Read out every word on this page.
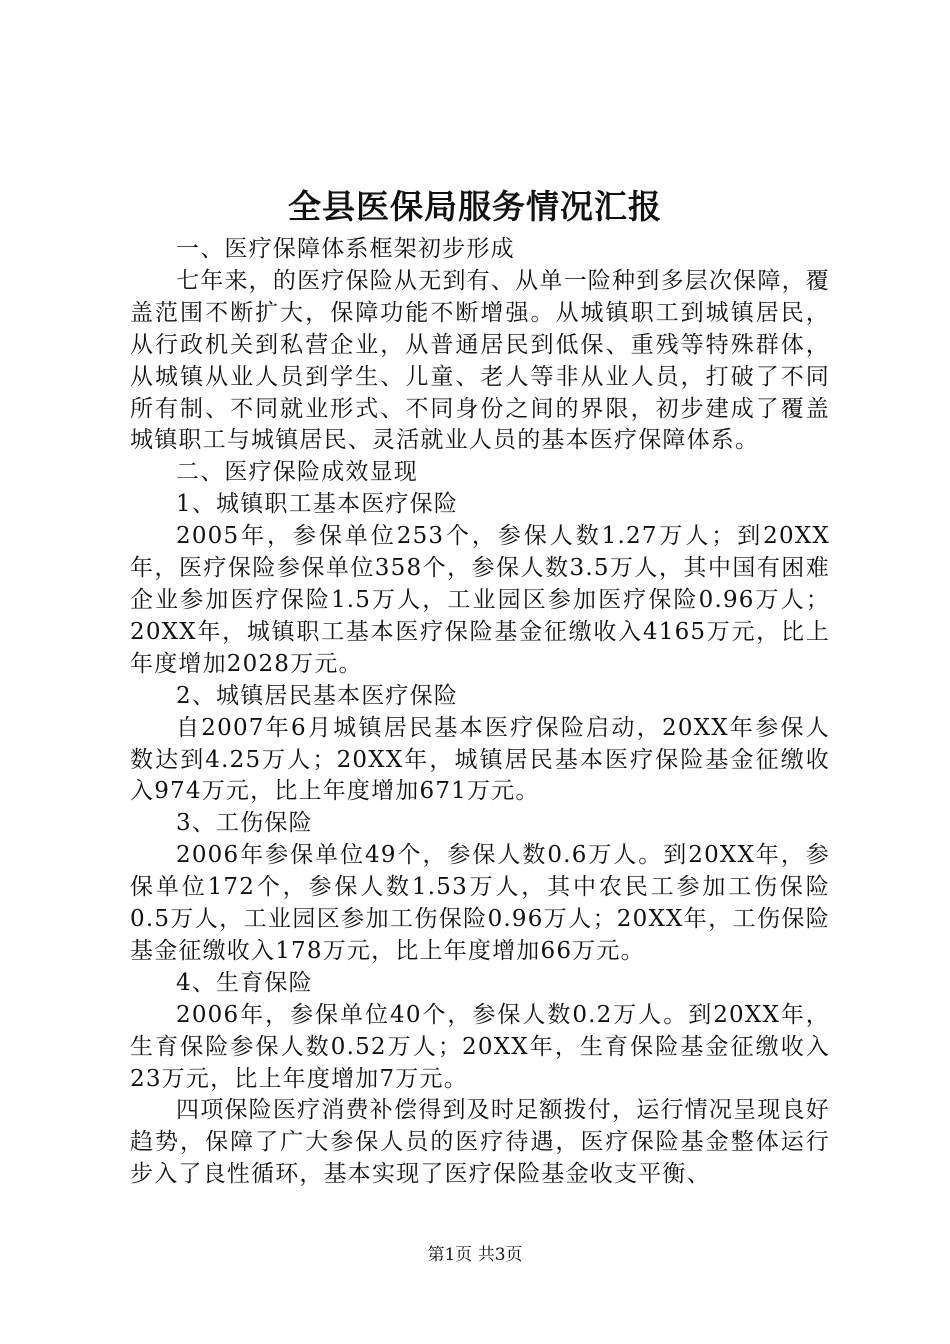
全县医保局服务情况汇报

一、医疗保障体系框架初步形成

七年来，的医疗保险从无到有、从单一险种到多层次保障，覆盖范围不断扩大，保障功能不断增强。从城镇职工到城镇居民，从行政机关到私营企业，从普通居民到低保、重残等特殊群体，从城镇从业人员到学生、儿童、老人等非从业人员，打破了不同所有制、不同就业形式、不同身份之间的界限，初步建成了覆盖城镇职工与城镇居民、灵活就业人员的基本医疗保障体系。

二、医疗保险成效显现

1、城镇职工基本医疗保险

2005年，参保单位253个，参保人数1.27万人；到20XX年，医疗保险参保单位358个，参保人数3.5万人，其中国有困难企业参加医疗保险1.5万人，工业园区参加医疗保险0.96万人；20XX年，城镇职工基本医疗保险基金征缴收入4165万元，比上年度增加2028万元。

2、城镇居民基本医疗保险

自2007年6月城镇居民基本医疗保险启动，20XX年参保人数达到4.25万人；20XX年，城镇居民基本医疗保险基金征缴收入974万元，比上年度增加671万元。

3、工伤保险

2006年参保单位49个，参保人数0.6万人。到20XX年，参保单位172个，参保人数1.53万人，其中农民工参加工伤保险0.5万人，工业园区参加工伤保险0.96万人；20XX年，工伤保险基金征缴收入178万元，比上年度增加66万元。

4、生育保险

2006年，参保单位40个，参保人数0.2万人。到20XX年，生育保险参保人数0.52万人；20XX年，生育保险基金征缴收入23万元，比上年度增加7万元。

四项保险医疗消费补偿得到及时足额拨付，运行情况呈现良好趋势，保障了广大参保人员的医疗待遇，医疗保险基金整体运行步入了良性循环，基本实现了医疗保险基金收支平衡、

第1页 共3页
